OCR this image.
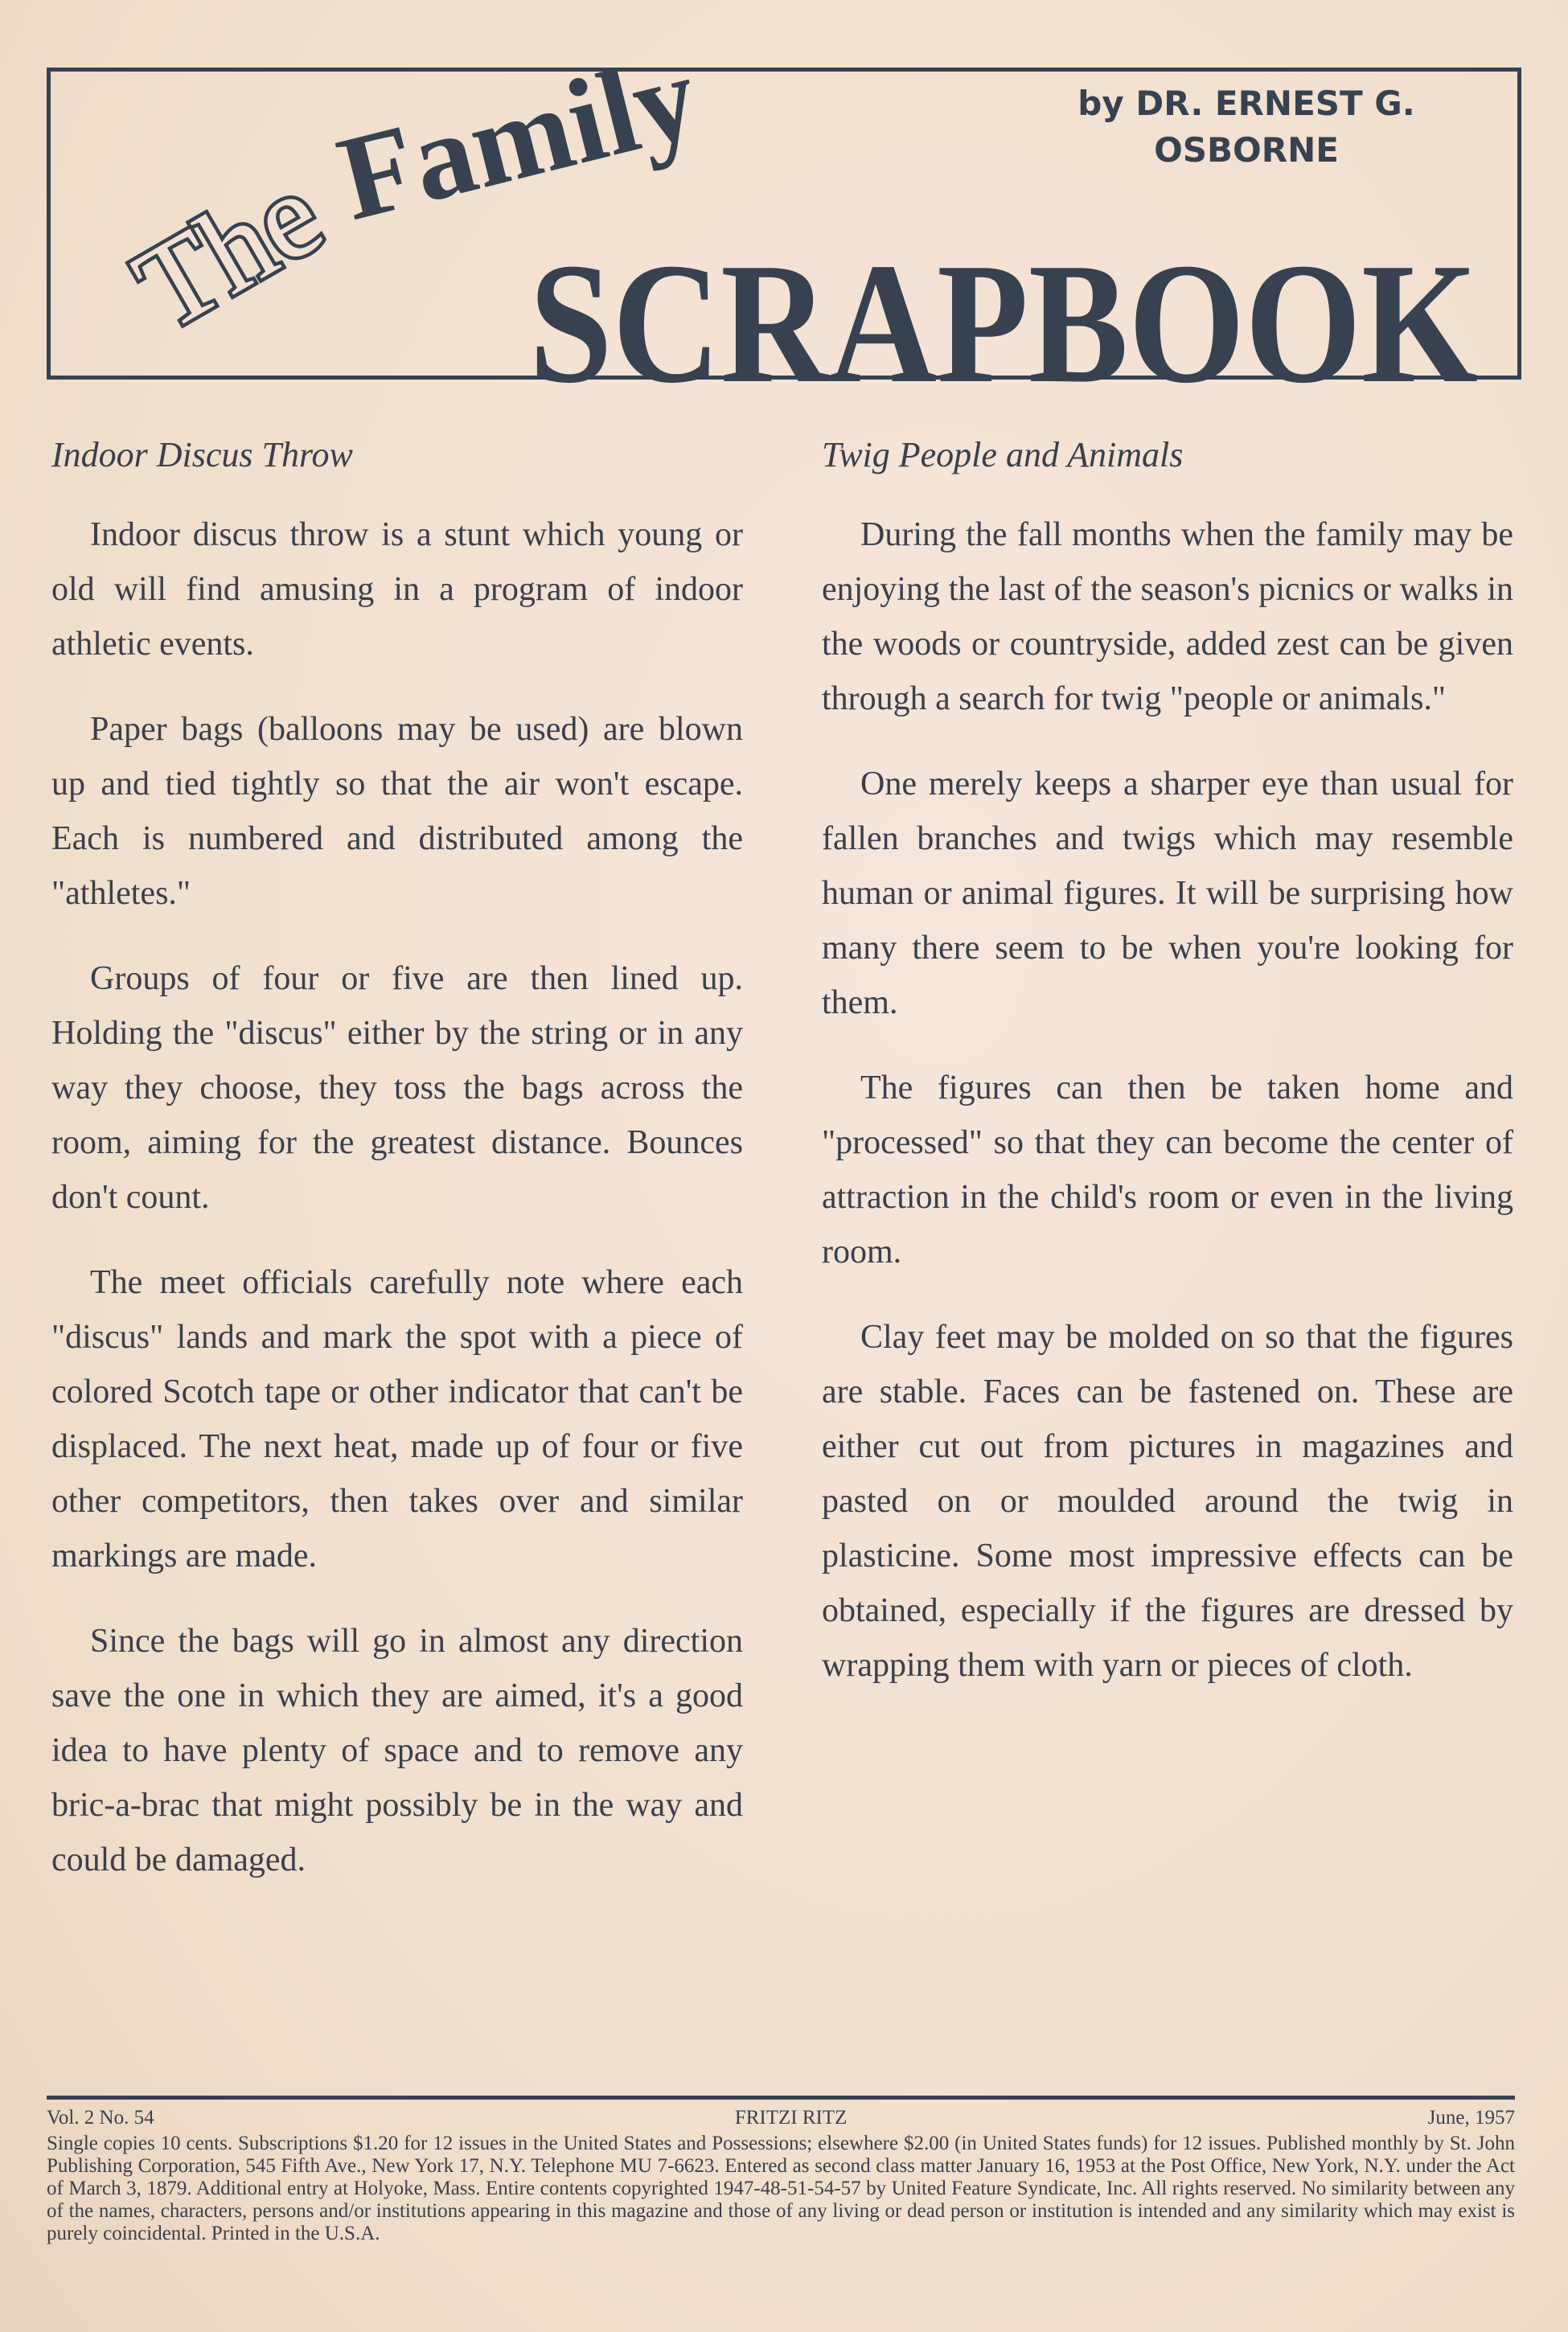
The
Family
SCRAPBOOK
by DR. ERNEST G.
OSBORNE
Indoor Discus Throw

Indoor discus throw is a stunt which young or old will find amusing in a program of indoor athletic events.

Paper bags (balloons may be used) are blown up and tied tightly so that the air won't escape. Each is numbered and distributed among the "athletes."

Groups of four or five are then lined up. Holding the "discus" either by the string or in any way they choose, they toss the bags across the room, aiming for the greatest distance. Bounces don't count.

The meet officials carefully note where each "discus" lands and mark the spot with a piece of colored Scotch tape or other indicator that can't be displaced. The next heat, made up of four or five other competitors, then takes over and similar markings are made.

Since the bags will go in almost any direction save the one in which they are aimed, it's a good idea to have plenty of space and to remove any bric-a-brac that might possibly be in the way and could be damaged.

Twig People and Animals

During the fall months when the family may be enjoying the last of the season's picnics or walks in the woods or countryside, added zest can be given through a search for twig "people or animals."

One merely keeps a sharper eye than usual for fallen branches and twigs which may resemble human or animal figures. It will be surprising how many there seem to be when you're looking for them.

The figures can then be taken home and "processed" so that they can become the center of attraction in the child's room or even in the living room.

Clay feet may be molded on so that the figures are stable. Faces can be fastened on. These are either cut out from pictures in magazines and pasted on or moulded around the twig in plasticine. Some most impressive effects can be obtained, especially if the figures are dressed by wrapping them with yarn or pieces of cloth.

Vol. 2 No. 54	FRITZI RITZ	June, 1957
Single copies 10 cents. Subscriptions $1.20 for 12 issues in the United States and Possessions; elsewhere $2.00 (in United States funds) for 12 issues. Published monthly by St. John Publishing Corporation, 545 Fifth Ave., New York 17, N.Y. Telephone MU 7-6623. Entered as second class matter January 16, 1953 at the Post Office, New York, N.Y. under the Act of March 3, 1879. Additional entry at Holyoke, Mass. Entire contents copyrighted 1947-48-51-54-57 by United Feature Syndicate, Inc. All rights reserved. No similarity between any of the names, characters, persons and/or institutions appearing in this magazine and those of any living or dead person or institution is intended and any similarity which may exist is purely coincidental. Printed in the U.S.A.
